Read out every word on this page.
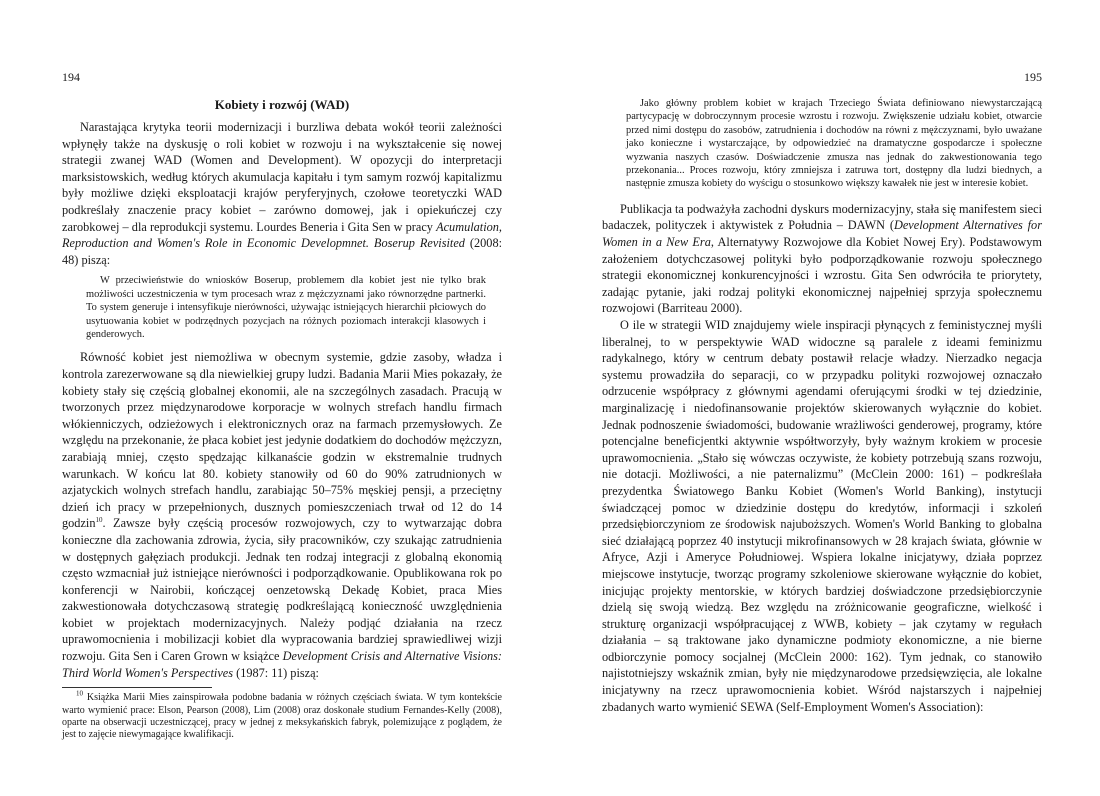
194
Kobiety i rozwój (WAD)

Narastająca krytyka teorii modernizacji i burzliwa debata wokół teorii zależności wpłynęły także na dyskusję o roli kobiet w rozwoju i na wykształcenie się nowej strategii zwanej WAD (Women and Development). W opozycji do interpretacji marksistowskich, według których akumulacja kapitału i tym samym rozwój kapitalizmu były możliwe dzięki eksploatacji krajów peryferyjnych, czołowe teoretyczki WAD podkreślały znaczenie pracy kobiet – zarówno domowej, jak i opiekuńczej czy zarobkowej – dla reprodukcji systemu. Lourdes Beneria i Gita Sen w pracy Acumulation, Reproduction and Women's Role in Economic Developmnet. Boserup Revisited (2008: 48) piszą:

W przeciwieństwie do wniosków Boserup, problemem dla kobiet jest nie tylko brak możliwości uczestniczenia w tym procesach wraz z mężczyznami jako równorzędne partnerki. To system generuje i intensyfikuje nierówności, używając istniejących hierarchii płciowych do usytuowania kobiet w podrzędnych pozycjach na różnych poziomach interakcji klasowych i genderowych.

Równość kobiet jest niemożliwa w obecnym systemie, gdzie zasoby, władza i kontrola zarezerwowane są dla niewielkiej grupy ludzi. Badania Marii Mies pokazały, że kobiety stały się częścią globalnej ekonomii, ale na szczególnych zasadach. Pracują w tworzonych przez międzynarodowe korporacje w wolnych strefach handlu firmach włókienniczych, odzieżowych i elektronicznych oraz na farmach przemysłowych. Ze względu na przekonanie, że płaca kobiet jest jedynie dodatkiem do dochodów mężczyzn, zarabiają mniej, często spędzając kilkanaście godzin w ekstremalnie trudnych warunkach. W końcu lat 80. kobiety stanowiły od 60 do 90% zatrudnionych w azjatyckich wolnych strefach handlu, zarabiając 50–75% męskiej pensji, a przeciętny dzień ich pracy w przepełnionych, dusznych pomieszczeniach trwał od 12 do 14 godzin$^{10}$. Zawsze były częścią procesów rozwojowych, czy to wytwarzając dobra konieczne dla zachowania zdrowia, życia, siły pracowników, czy szukając zatrudnienia w dostępnych gałęziach produkcji. Jednak ten rodzaj integracji z globalną ekonomią często wzmacniał już istniejące nierówności i podporządkowanie. Opublikowana rok po konferencji w Nairobii, kończącej oenzetowską Dekadę Kobiet, praca Mies zakwestionowała dotychczasową strategię podkreślającą konieczność uwzględnienia kobiet w projektach modernizacyjnych. Należy podjąć działania na rzecz uprawomocnienia i mobilizacji kobiet dla wypracowania bardziej sprawiedliwej wizji rozwoju. Gita Sen i Caren Grown w książce Development Crisis and Alternative Visions: Third World Women's Perspectives (1987: 11) piszą:

$^{10}$ Książka Marii Mies zainspirowała podobne badania w różnych częściach świata. W tym kontekście warto wymienić prace: Elson, Pearson (2008), Lim (2008) oraz doskonałe studium Fernandes-Kelly (2008), oparte na obserwacji uczestniczącej, pracy w jednej z meksykańskich fabryk, polemizujące z poglądem, że jest to zajęcie niewymagające kwalifikacji.

195
Jako główny problem kobiet w krajach Trzeciego Świata definiowano niewystarczającą partycypację w dobroczynnym procesie wzrostu i rozwoju. Zwiększenie udziału kobiet, otwarcie przed nimi dostępu do zasobów, zatrudnienia i dochodów na równi z mężczyznami, było uważane jako konieczne i wystarczające, by odpowiedzieć na dramatyczne gospodarcze i społeczne wyzwania naszych czasów. Doświadczenie zmusza nas jednak do zakwestionowania tego przekonania... Proces rozwoju, który zmniejsza i zatruwa tort, dostępny dla ludzi biednych, a następnie zmusza kobiety do wyścigu o stosunkowo większy kawałek nie jest w interesie kobiet.

Publikacja ta podważyła zachodni dyskurs modernizacyjny, stała się manifestem sieci badaczek, polityczek i aktywistek z Południa – DAWN (Development Alternatives for Women in a New Era, Alternatywy Rozwojowe dla Kobiet Nowej Ery). Podstawowym założeniem dotychczasowej polityki było podporządkowanie rozwoju społecznego strategii ekonomicznej konkurencyjności i wzrostu. Gita Sen odwróciła te priorytety, zadając pytanie, jaki rodzaj polityki ekonomicznej najpełniej sprzyja społecznemu rozwojowi (Barriteau 2000).

O ile w strategii WID znajdujemy wiele inspiracji płynących z feministycznej myśli liberalnej, to w perspektywie WAD widoczne są paralele z ideami feminizmu radykalnego, który w centrum debaty postawił relacje władzy. Nierzadko negacja systemu prowadziła do separacji, co w przypadku polityki rozwojowej oznaczało odrzucenie współpracy z głównymi agendami oferującymi środki w tej dziedzinie, marginalizację i niedofinansowanie projektów skierowanych wyłącznie do kobiet. Jednak podnoszenie świadomości, budowanie wrażliwości genderowej, programy, które potencjalne beneficjentki aktywnie współtworzyły, były ważnym krokiem w procesie uprawomocnienia. „Stało się wówczas oczywiste, że kobiety potrzebują szans rozwoju, nie dotacji. Możliwości, a nie paternalizmu” (McClein 2000: 161) – podkreślała prezydentka Światowego Banku Kobiet (Women's World Banking), instytucji świadczącej pomoc w dziedzinie dostępu do kredytów, informacji i szkoleń przedsiębiorczyniom ze środowisk najuboższych. Women's World Banking to globalna sieć działającą poprzez 40 instytucji mikrofinansowych w 28 krajach świata, głównie w Afryce, Azji i Ameryce Południowej. Wspiera lokalne inicjatywy, działa poprzez miejscowe instytucje, tworząc programy szkoleniowe skierowane wyłącznie do kobiet, inicjując projekty mentorskie, w których bardziej doświadczone przedsiębiorczynie dzielą się swoją wiedzą. Bez względu na zróżnicowanie geograficzne, wielkość i strukturę organizacji współpracującej z WWB, kobiety – jak czytamy w regułach działania – są traktowane jako dynamiczne podmioty ekonomiczne, a nie bierne odbiorczynie pomocy socjalnej (McClein 2000: 162). Tym jednak, co stanowiło najistotniejszy wskaźnik zmian, były nie międzynarodowe przedsięwzięcia, ale lokalne inicjatywny na rzecz uprawomocnienia kobiet. Wśród najstarszych i najpełniej zbadanych warto wymienić SEWA (Self-Employment Women's Association):
